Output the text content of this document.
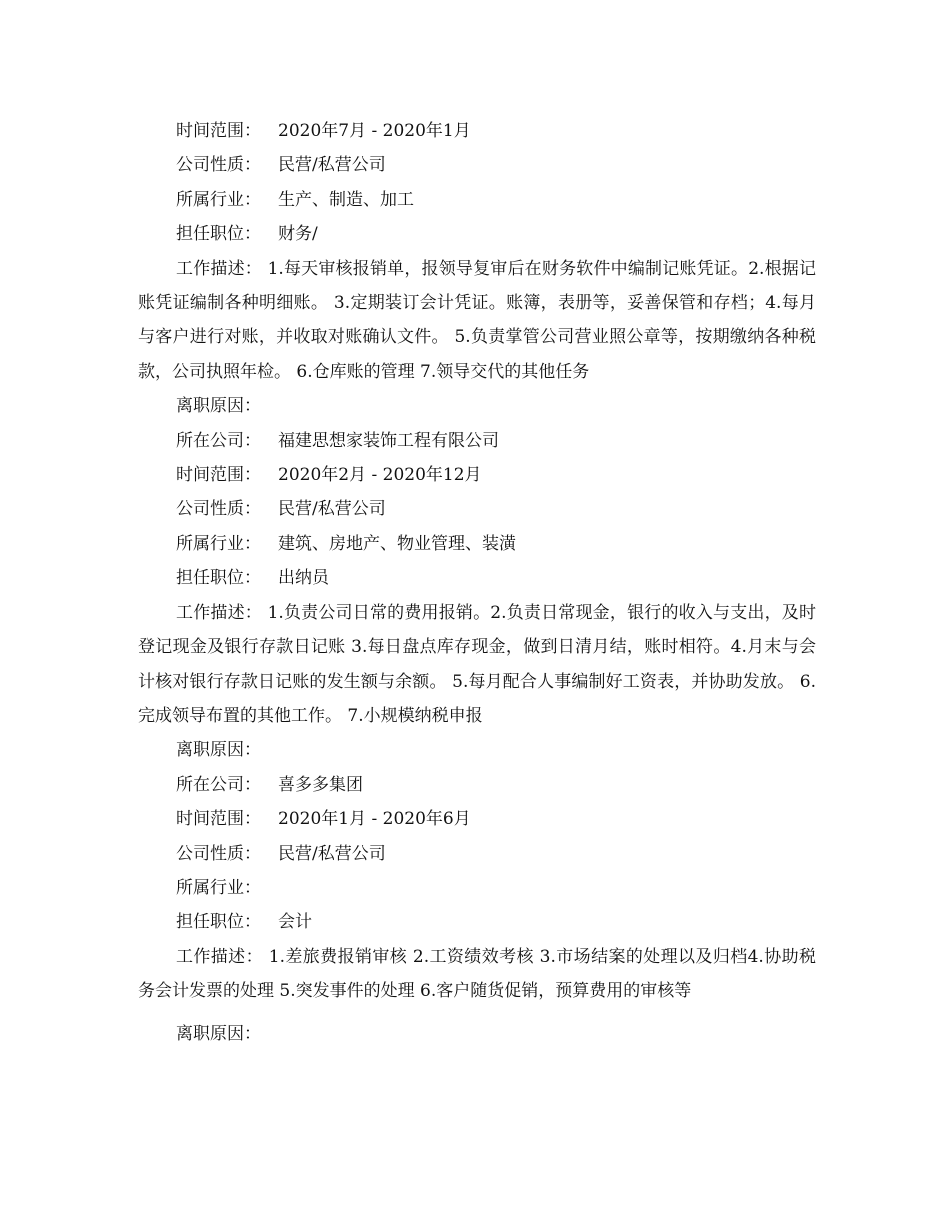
时间范围： 2020年7月 - 2020年1月

公司性质： 民营/私营公司

所属行业： 生产、制造、加工

担任职位： 财务/

工作描述： 1.每天审核报销单，报领导复审后在财务软件中编制记账凭证。2.根据记账凭证编制各种明细账。 3.定期装订会计凭证。账簿，表册等，妥善保管和存档；4.每月与客户进行对账，并收取对账确认文件。 5.负责掌管公司营业照公章等，按期缴纳各种税款，公司执照年检。 6.仓库账的管理 7.领导交代的其他任务

离职原因：

所在公司： 福建思想家装饰工程有限公司

时间范围： 2020年2月 - 2020年12月

公司性质： 民营/私营公司

所属行业： 建筑、房地产、物业管理、装潢

担任职位： 出纳员

工作描述： 1.负责公司日常的费用报销。2.负责日常现金，银行的收入与支出，及时登记现金及银行存款日记账 3.每日盘点库存现金，做到日清月结，账时相符。4.月末与会计核对银行存款日记账的发生额与余额。 5.每月配合人事编制好工资表，并协助发放。 6.完成领导布置的其他工作。 7.小规模纳税申报

离职原因：

所在公司： 喜多多集团

时间范围： 2020年1月 - 2020年6月

公司性质： 民营/私营公司

所属行业：

担任职位： 会计

工作描述： 1.差旅费报销审核 2.工资绩效考核 3.市场结案的处理以及归档4.协助税务会计发票的处理 5.突发事件的处理 6.客户随货促销，预算费用的审核等

离职原因：
